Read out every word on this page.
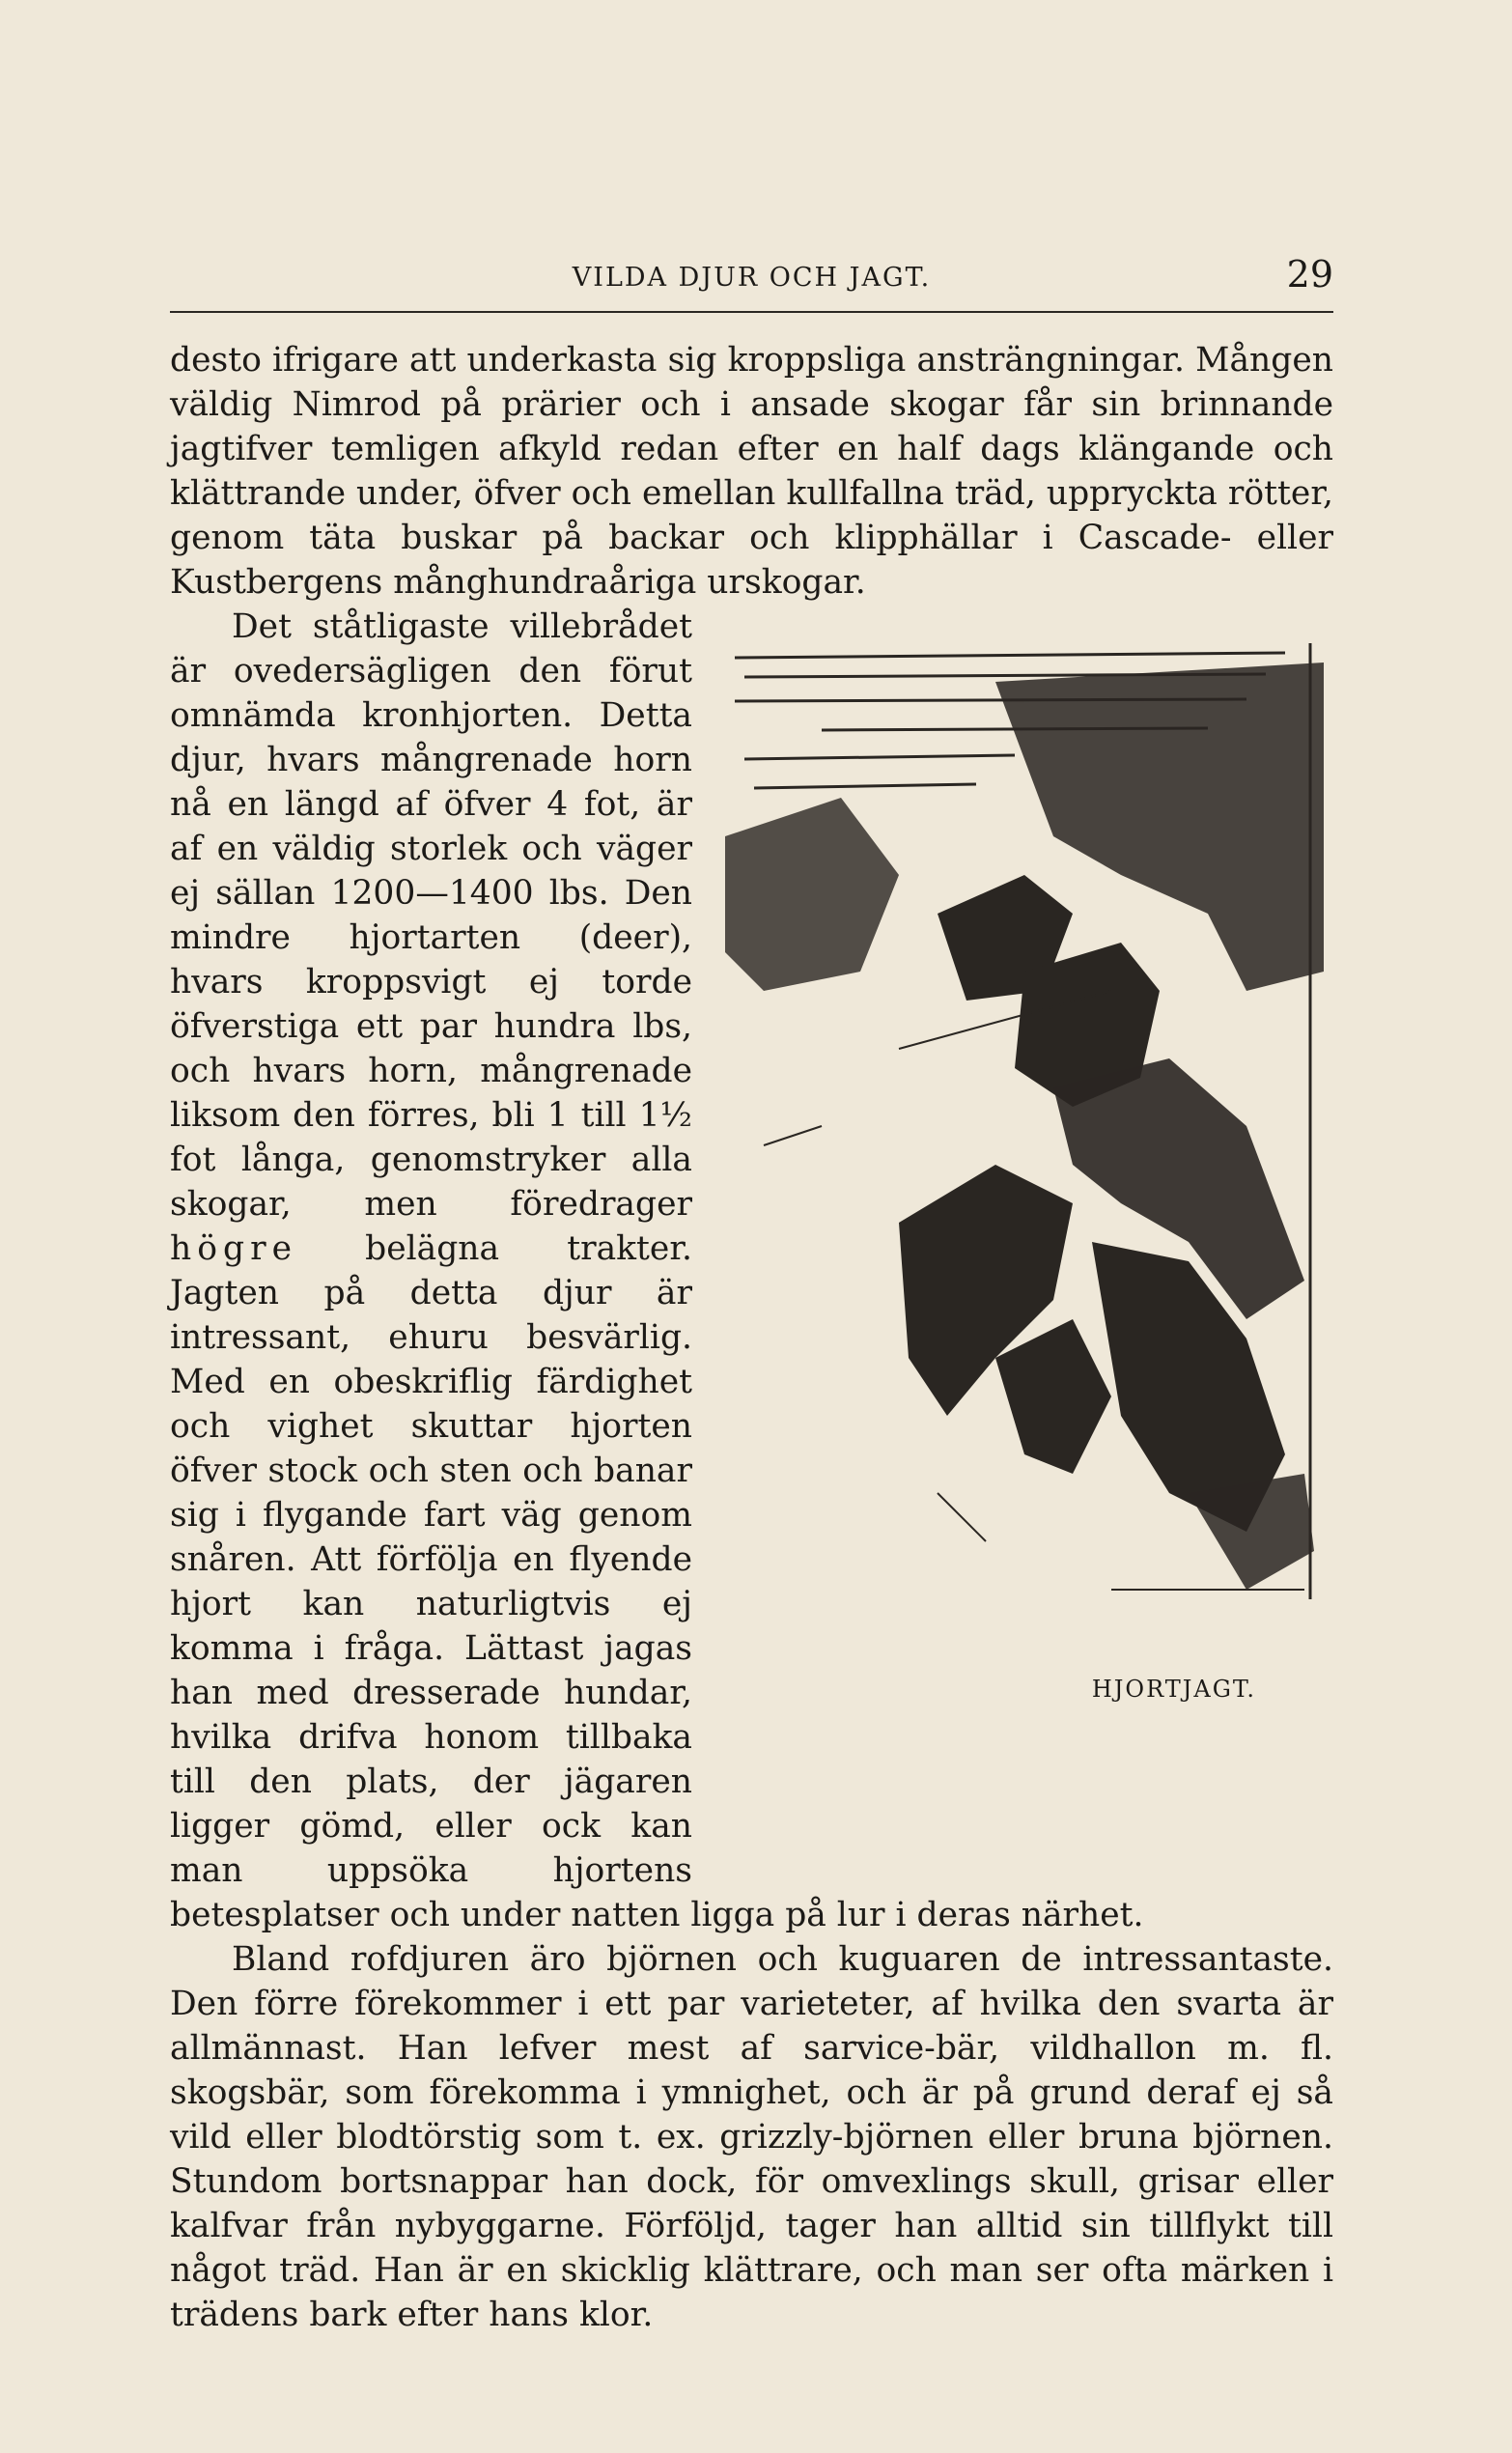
VILDA DJUR OCH JAGT.	29

desto ifrigare att underkasta sig kroppsliga ansträngningar. Mången väldig Nimrod på prärier och i ansade skogar får sin brinnande jagtifver temligen afkyld redan efter en half dags klängande och klättrande under, öfver och emellan kullfallna träd, uppryckta rötter, genom täta buskar på backar och klipphällar i Cascade- eller Kustbergens månghundraåriga urskogar.

HJORTJAGT.
Det ståtligaste villebrådet är ovedersägligen den förut omnämda kronhjorten. Detta djur, hvars mångrenade horn nå en längd af öfver 4 fot, är af en väldig storlek och väger ej sällan 1200—1400 lbs. Den mindre hjortarten (deer), hvars kroppsvigt ej torde öfverstiga ett par hundra lbs, och hvars horn, mångrenade liksom den förres, bli 1 till 1½ fot långa, genomstryker alla skogar, men föredrager högre belägna trakter. Jagten på detta djur är intressant, ehuru besvärlig. Med en obeskriflig färdighet och vighet skuttar hjorten öfver stock och sten och banar sig i flygande fart väg genom snåren. Att förfölja en flyende hjort kan naturligtvis ej komma i fråga. Lättast jagas han med dresserade hundar, hvilka drifva honom tillbaka till den plats, der jägaren ligger gömd, eller ock kan man uppsöka hjortens betesplatser och under natten ligga på lur i deras närhet.

Bland rofdjuren äro björnen och kuguaren de intressantaste. Den förre förekommer i ett par varieteter, af hvilka den svarta är allmännast. Han lefver mest af sarvice-bär, vildhallon m. fl. skogsbär, som förekomma i ymnighet, och är på grund deraf ej så vild eller blodtörstig som t. ex. grizzly-björnen eller bruna björnen. Stundom bortsnappar han dock, för omvexlings skull, grisar eller kalfvar från nybyggarne. Förföljd, tager han alltid sin tillflykt till något träd. Han är en skicklig klättrare, och man ser ofta märken i trädens bark efter hans klor.
